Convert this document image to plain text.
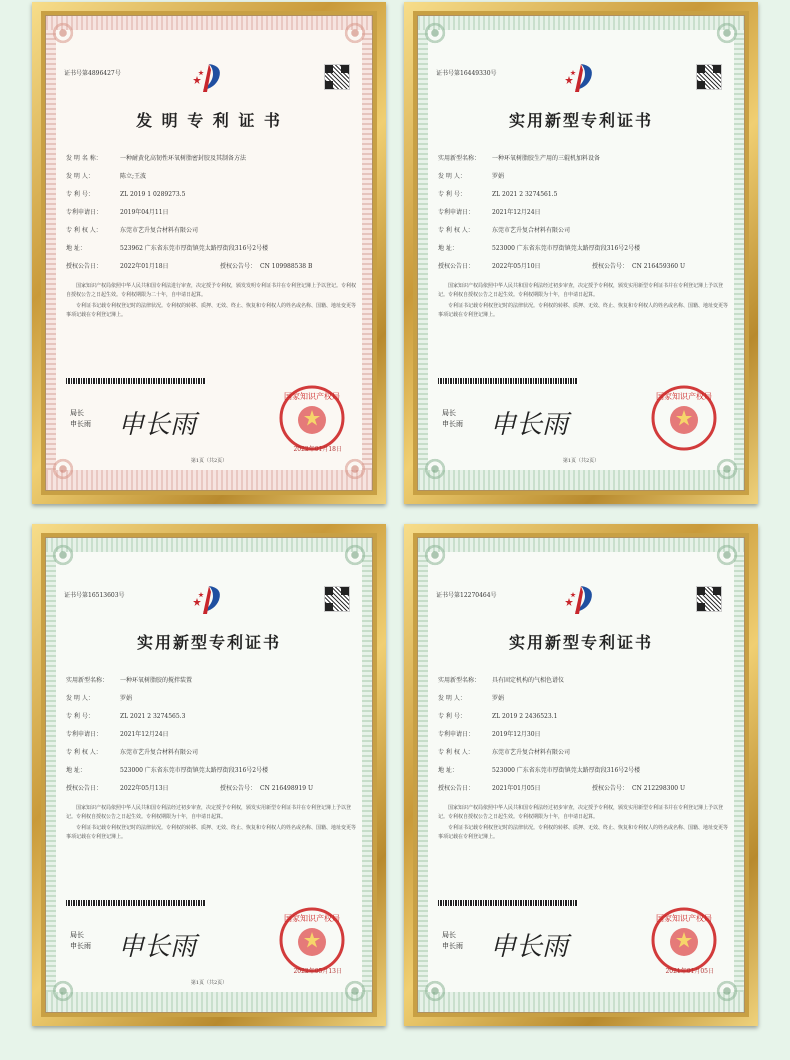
证书号第4896427号
发 明 专 利 证 书
发 明 名 称：	一种耐黄化高韧性环氧树脂密封胶及其制备方法
发 明 人：	陈立;王波
专 利 号：	ZL 2019 1 0289273.5
专利申请日：	2019年04月11日
专 利 权 人：	东莞市艺升复合材料有限公司
地 址：	523962 广东省东莞市厚街镇莞太路厚街段316号2号楼
授权公告日：	2022年01月18日	授权公告号： CN 109988538 B
国家知识产权局依照中华人民共和国专利法进行审查，决定授予专利权，颁发发明专利证书并在专利登记簿上予以登记。专利权自授权公告之日起生效。专利权期限为二十年，自申请日起算。
专利证书记载专利权登记时的法律状况。专利权的转移、质押、无效、终止、恢复和专利权人的姓名或名称、国籍、地址变更等事项记载在专利登记簿上。
局长
申长雨 申长雨
国家知识产权局
2022年01月18日
第1页（共2页）
证书号第16449330号
实用新型专利证书
实用新型名称：	一种环氧树脂胶生产用的三辊机加料设备
发 明 人：	罗娟
专 利 号：	ZL 2021 2 3274561.5
专利申请日：	2021年12月24日
专 利 权 人：	东莞市艺升复合材料有限公司
地 址：	523000 广东省东莞市厚街镇莞太路厚街段316号2号楼
授权公告日：	2022年05月10日	授权公告号： CN 216459360 U
国家知识产权局依照中华人民共和国专利法经过初步审查，决定授予专利权，颁发实用新型专利证书并在专利登记簿上予以登记。专利权自授权公告之日起生效。专利权期限为十年，自申请日起算。
专利证书记载专利权登记时的法律状况。专利权的转移、质押、无效、终止、恢复和专利权人的姓名或名称、国籍、地址变更等事项记载在专利登记簿上。
局长
申长雨 申长雨
国家知识产权局
第1页（共2页）
证书号第16513603号
实用新型专利证书
实用新型名称：	一种环氧树脂胶的搅拌装置
发 明 人：	罗娟
专 利 号：	ZL 2021 2 3274565.3
专利申请日：	2021年12月24日
专 利 权 人：	东莞市艺升复合材料有限公司
地 址：	523000 广东省东莞市厚街镇莞太路厚街段316号2号楼
授权公告日：	2022年05月13日	授权公告号： CN 216498919 U
国家知识产权局依照中华人民共和国专利法经过初步审查，决定授予专利权，颁发实用新型专利证书并在专利登记簿上予以登记。专利权自授权公告之日起生效。专利权期限为十年，自申请日起算。
专利证书记载专利权登记时的法律状况。专利权的转移、质押、无效、终止、恢复和专利权人的姓名或名称、国籍、地址变更等事项记载在专利登记簿上。
局长
申长雨 申长雨
国家知识产权局
2022年05月13日
第1页（共2页）
证书号第12270464号
实用新型专利证书
实用新型名称：	具有固定机构的气相色谱仪
发 明 人：	罗娟
专 利 号：	ZL 2019 2 2436523.1
专利申请日：	2019年12月30日
专 利 权 人：	东莞市艺升复合材料有限公司
地 址：	523000 广东省东莞市厚街镇莞太路厚街段316号2号楼
授权公告日：	2021年01月05日	授权公告号： CN 212298300 U
国家知识产权局依照中华人民共和国专利法经过初步审查，决定授予专利权，颁发实用新型专利证书并在专利登记簿上予以登记。专利权自授权公告之日起生效。专利权期限为十年，自申请日起算。
专利证书记载专利权登记时的法律状况。专利权的转移、质押、无效、终止、恢复和专利权人的姓名或名称、国籍、地址变更等事项记载在专利登记簿上。
局长
申长雨 申长雨
国家知识产权局
2021年01月05日
